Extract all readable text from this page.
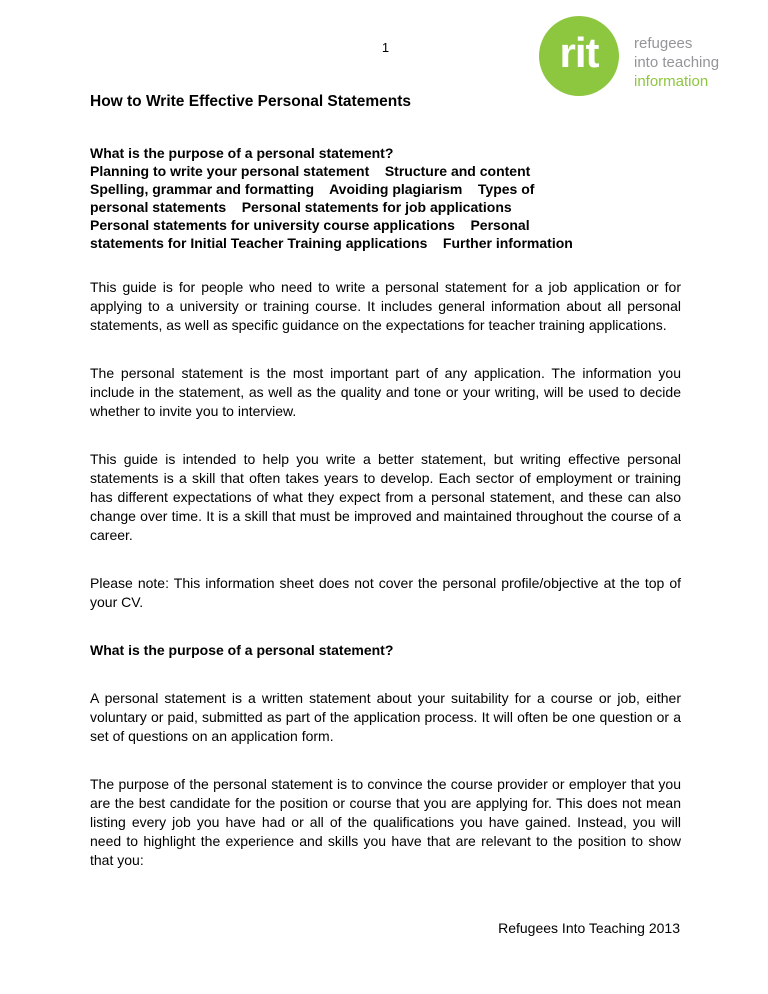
1	rit refugees
into teaching
information
How to Write Effective Personal Statements
What is the purpose of a personal statement?
Planning to write your personal statement    Structure and content
Spelling, grammar and formatting    Avoiding plagiarism    Types of
personal statements    Personal statements for job applications
Personal statements for university course applications    Personal
statements for Initial Teacher Training applications    Further information

This guide is for people who need to write a personal statement for a job application or for applying to a university or training course. It includes general information about all personal statements, as well as specific guidance on the expectations for teacher training applications.

The personal statement is the most important part of any application. The information you include in the statement, as well as the quality and tone or your writing, will be used to decide whether to invite you to interview.

This guide is intended to help you write a better statement, but writing effective personal statements is a skill that often takes years to develop. Each sector of employment or training has different expectations of what they expect from a personal statement, and these can also change over time. It is a skill that must be improved and maintained throughout the course of a career.

Please note: This information sheet does not cover the personal profile/objective at the top of your CV.

What is the purpose of a personal statement?

A personal statement is a written statement about your suitability for a course or job, either voluntary or paid, submitted as part of the application process. It will often be one question or a set of questions on an application form.

The purpose of the personal statement is to convince the course provider or employer that you are the best candidate for the position or course that you are applying for. This does not mean listing every job you have had or all of the qualifications you have gained. Instead, you will need to highlight the experience and skills you have that are relevant to the position to show that you:

Refugees Into Teaching 2013
